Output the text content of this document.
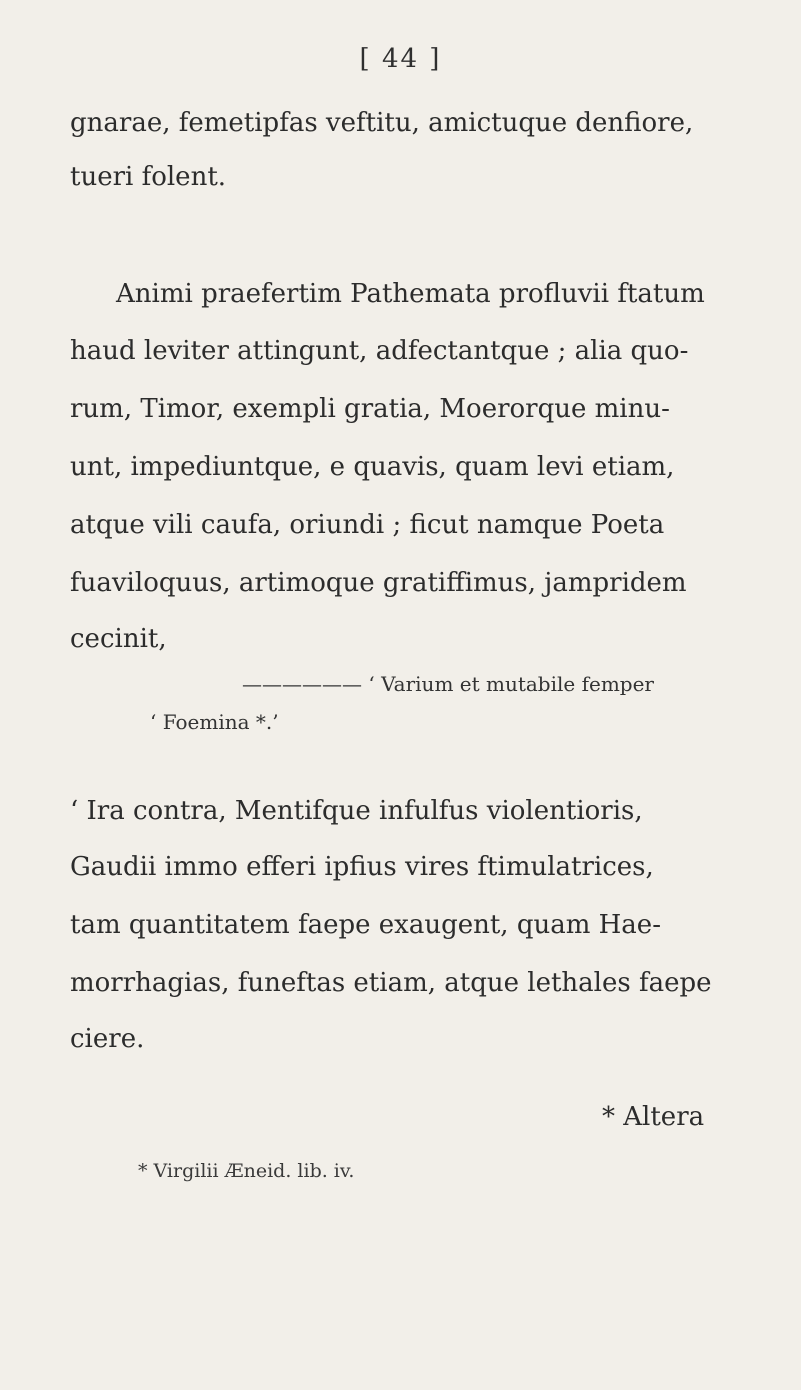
[ 44 ]
gnarae, femetipfas veftitu, amictuque denfiore,
tueri folent.
Animi praefertim Pathemata profluvii ftatum
haud leviter attingunt, adfectantque ; alia quo-
rum, Timor, exempli gratia, Moerorque minu-
unt, impediuntque, e quavis, quam levi etiam,
atque vili caufa, oriundi ; ficut namque Poeta
fuaviloquus, artimoque gratiffimus, jampridem
cecinit,
—————— ‘ Varium et mutabile femper
‘ Foemina *.’
‘ Ira contra, Mentifque infulfus violentioris,
Gaudii immo efferi ipfius vires ftimulatrices,
tam quantitatem faepe exaugent, quam Hae-
morrhagias, funeftas etiam, atque lethales faepe
ciere.
* Altera
* Virgilii Æneid. lib. iv.
